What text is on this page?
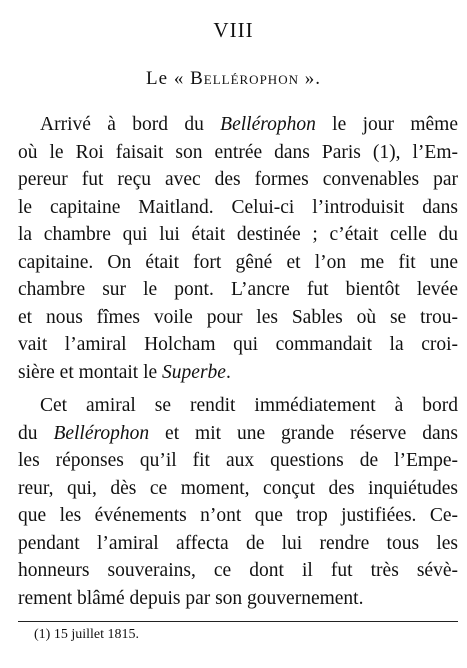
VIII
Le « Bellérophon ».
Arrivé à bord du Bellérophon le jour même
où le Roi faisait son entrée dans Paris (1), l’Em-
pereur fut reçu avec des formes convenables par
le capitaine Maitland. Celui-ci l’introduisit dans
la chambre qui lui était destinée ; c’était celle du
capitaine. On était fort gêné et l’on me fit une
chambre sur le pont. L’ancre fut bientôt levée
et nous fîmes voile pour les Sables où se trou-
vait l’amiral Holcham qui commandait la croi-
sière et montait le Superbe.
Cet amiral se rendit immédiatement à bord
du Bellérophon et mit une grande réserve dans
les réponses qu’il fit aux questions de l’Empe-
reur, qui, dès ce moment, conçut des inquiétudes
que les événements n’ont que trop justifiées. Ce-
pendant l’amiral affecta de lui rendre tous les
honneurs souverains, ce dont il fut très sévè-
rement blâmé depuis par son gouvernement.
(1) 15 juillet 1815.
